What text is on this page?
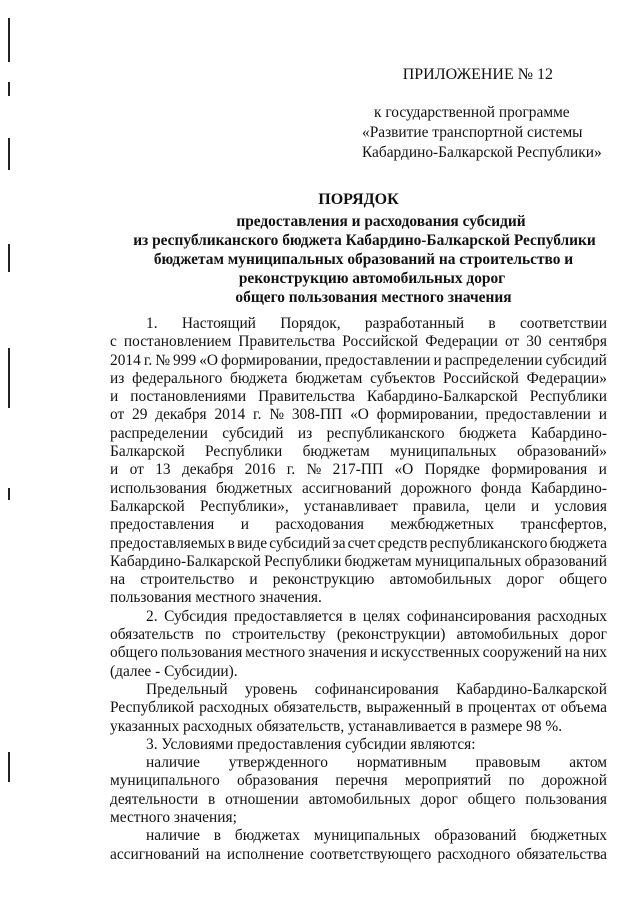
ПРИЛОЖЕНИЕ № 12
к государственной программе
«Развитие транспортной системы
Кабардино-Балкарской Республики»
ПОРЯДОК
предоставления и расходования субсидий
из республиканского бюджета Кабардино-Балкарской Республики
бюджетам муниципальных образований на строительство и
реконструкцию автомобильных дорог
общего пользования местного значения
1. Настоящий Порядок, разработанный в соответствии
с постановлением Правительства Российской Федерации от 30 сентября
2014 г. № 999 «О формировании, предоставлении и распределении субсидий
из федерального бюджета бюджетам субъектов Российской Федерации»
и постановлениями Правительства Кабардино-Балкарской Республики
от 29 декабря 2014 г. № 308-ПП «О формировании, предоставлении и
распределении субсидий из республиканского бюджета Кабардино-
Балкарской Республики бюджетам муниципальных образований»
и от 13 декабря 2016 г. № 217-ПП «О Порядке формирования и
использования бюджетных ассигнований дорожного фонда Кабардино-
Балкарской Республики», устанавливает правила, цели и условия
предоставления и расходования межбюджетных трансфертов,
предоставляемых в виде субсидий за счет средств республиканского бюджета
Кабардино-Балкарской Республики бюджетам муниципальных образований
на строительство и реконструкцию автомобильных дорог общего
пользования местного значения.
2. Субсидия предоставляется в целях софинансирования расходных
обязательств по строительству (реконструкции) автомобильных дорог
общего пользования местного значения и искусственных сооружений на них
(далее - Субсидии).
Предельный уровень софинансирования Кабардино-Балкарской
Республикой расходных обязательств, выраженный в процентах от объема
указанных расходных обязательств, устанавливается в размере 98 %.
3. Условиями предоставления субсидии являются:
наличие утвержденного нормативным правовым актом
муниципального образования перечня мероприятий по дорожной
деятельности в отношении автомобильных дорог общего пользования
местного значения;
наличие в бюджетах муниципальных образований бюджетных
ассигнований на исполнение соответствующего расходного обязательства
